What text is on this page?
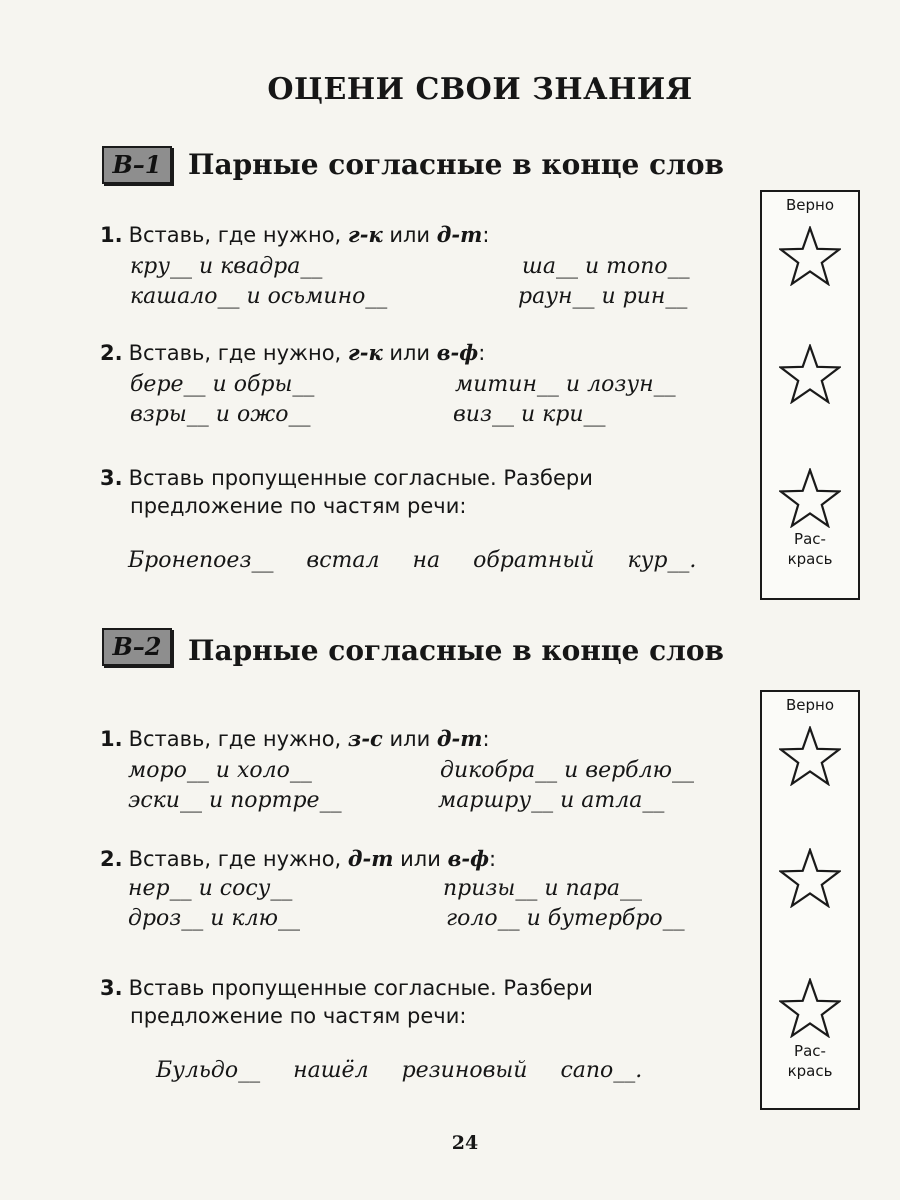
ОЦЕНИ СВОИ ЗНАНИЯ
В–1 Парные согласные в конце слов
1. Вставь, где нужно, г-к или д-т:
кру__ и квадра__	ша__ и топо__
кашало__ и осьмино__	раун__ и рин__
2. Вставь, где нужно, г-к или в-ф:
бере__ и обры__	митин__ и лозун__
взры__ и ожо__	виз__ и кри__
3. Вставь пропущенные согласные. Разбери
предложение по частям речи:
Бронепоез__ встал на обратный кур__.
Верно
Рас-
крась
В–2 Парные согласные в конце слов
1. Вставь, где нужно, з-с или д-т:
моро__ и холо__	дикобра__ и верблю__
эски__ и портре__	маршру__ и атла__
2. Вставь, где нужно, д-т или в-ф:
нер__ и сосу__	призы__ и пара__
дроз__ и клю__	голо__ и бутербро__
3. Вставь пропущенные согласные. Разбери
предложение по частям речи:
Бульдо__ нашёл резиновый сапо__.
Верно
Рас-
крась
24
